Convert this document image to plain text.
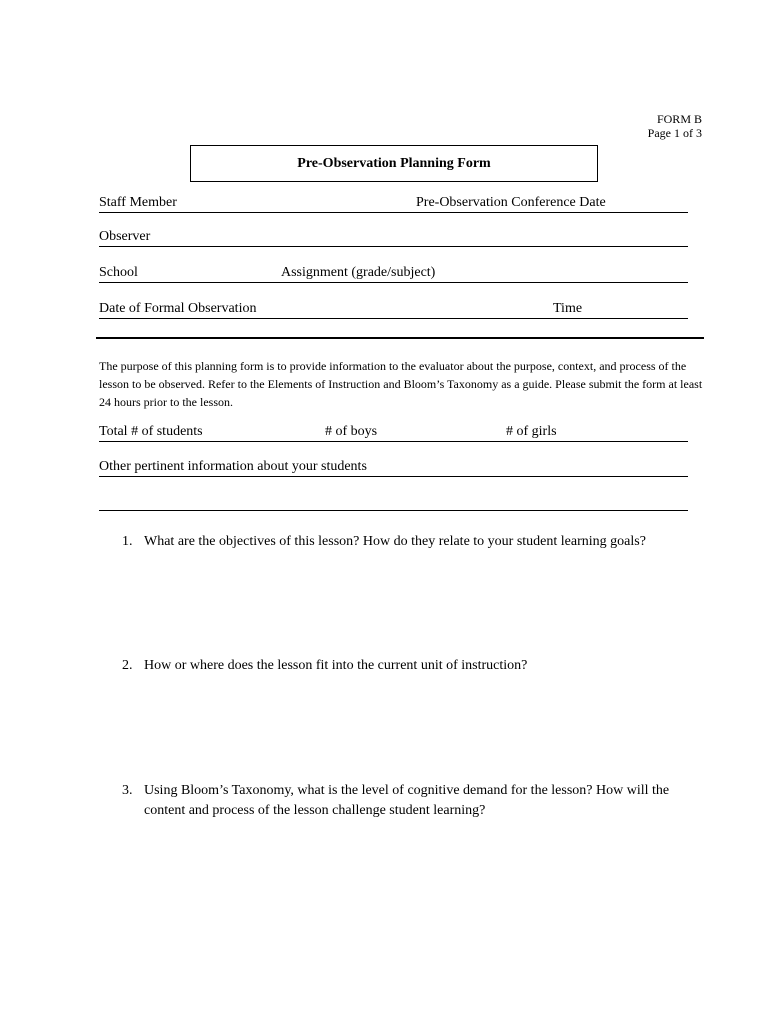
FORM B
Page 1 of 3
Pre-Observation Planning Form
Staff Member	Pre-Observation Conference Date
Observer
School	Assignment (grade/subject)
Date of Formal Observation	Time
The purpose of this planning form is to provide information to the evaluator about the purpose, context, and process of the lesson to be observed. Refer to the Elements of Instruction and Bloom’s Taxonomy as a guide. Please submit the form at least 24 hours prior to the lesson.
Total # of students	# of boys	# of girls
Other pertinent information about your students
1. What are the objectives of this lesson? How do they relate to your student learning goals?
2. How or where does the lesson fit into the current unit of instruction?
3. Using Bloom’s Taxonomy, what is the level of cognitive demand for the lesson? How will the content and process of the lesson challenge student learning?
